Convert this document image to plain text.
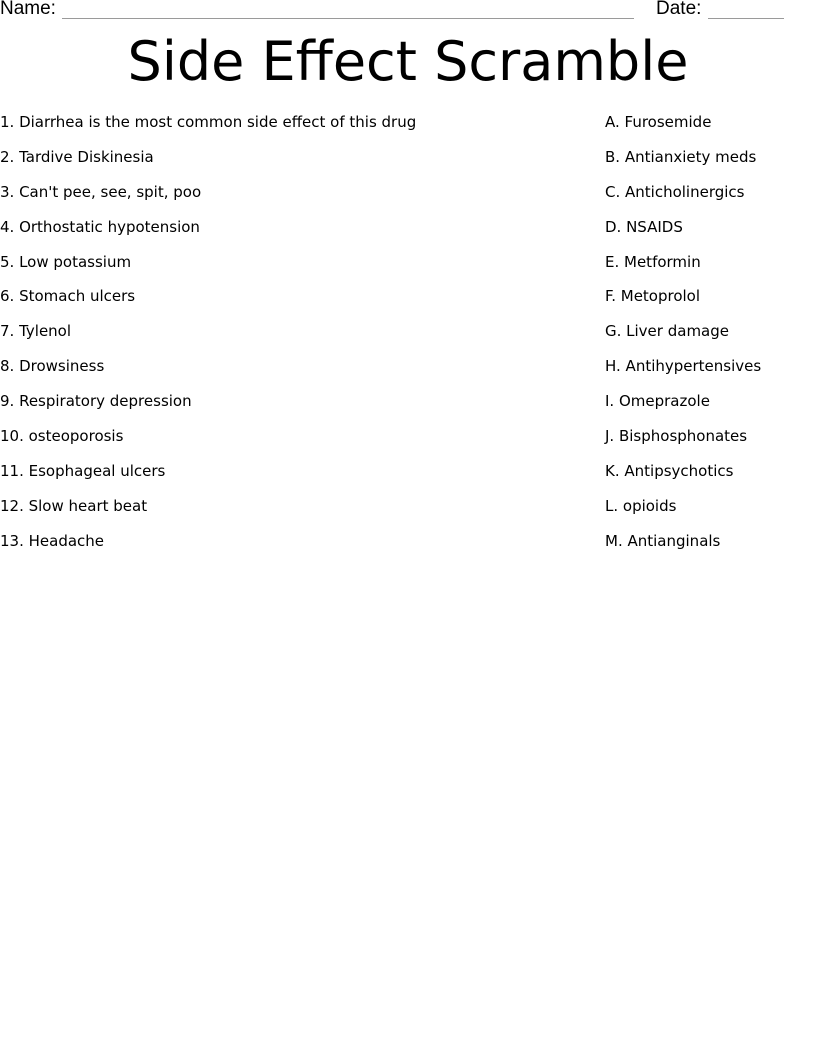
Name:	Date:
Side Effect Scramble
1. Diarrhea is the most common side effect of this drug
2. Tardive Diskinesia
3. Can't pee, see, spit, poo
4. Orthostatic hypotension
5. Low potassium
6. Stomach ulcers
7. Tylenol
8. Drowsiness
9. Respiratory depression
10. osteoporosis
11. Esophageal ulcers
12. Slow heart beat
13. Headache
A. Furosemide
B. Antianxiety meds
C. Anticholinergics
D. NSAIDS
E. Metformin
F. Metoprolol
G. Liver damage
H. Antihypertensives
I. Omeprazole
J. Bisphosphonates
K. Antipsychotics
L. opioids
M. Antianginals
